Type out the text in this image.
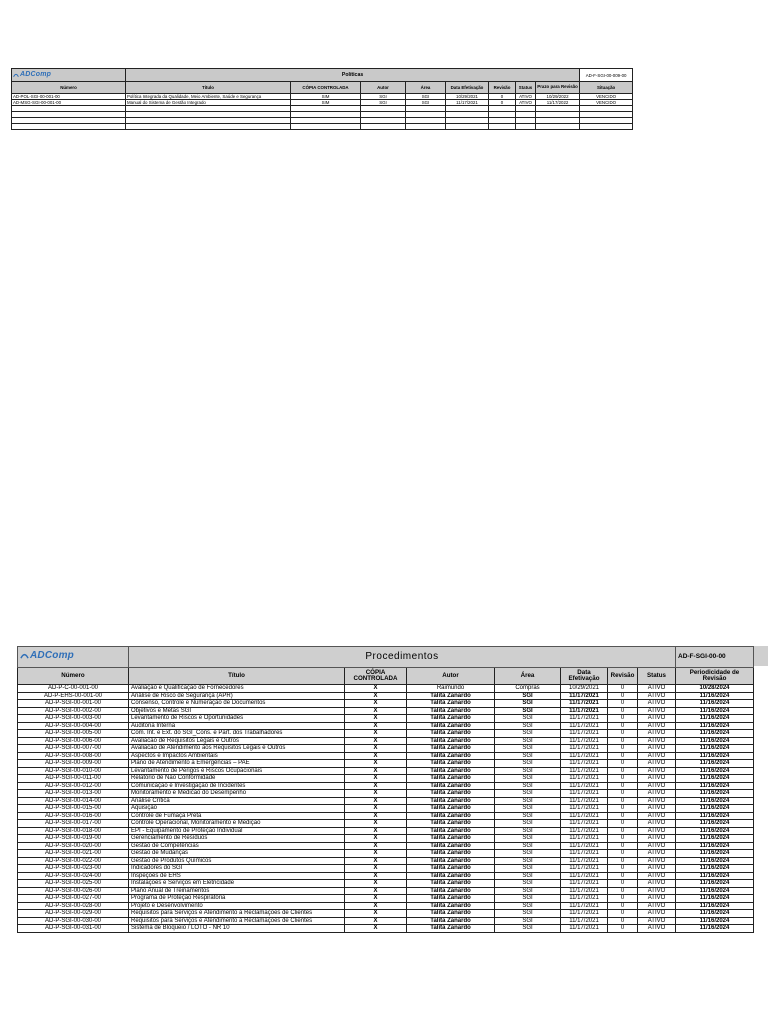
ADComp	Políticas								AD-F-SGI-00-009-00
Número	Título	CÓPIA CONTROLADA	Autor	Área	Data Efetivação	Revisão	Status	Prazo para Revisão	Situação
AD-POL-SGI-00-001-00	Política Integrada da Qualidade, Meio Ambiente, Saúde e Segurança	SIM	SGI	SGI	10/29/2021	0	ATIVO	10/29/2022	VENCIDO
AD-MSG-SGI-00-001-00	Manual do Sistema de Gestão Integrado	SIM	SGI	SGI	11/17/2021	0	ATIVO	11/17/2022	VENCIDO

ADComp	Procedimentos							AD-F-SGI-00-00
Número	Título	CÓPIA CONTROLADA	Autor	Área	Data Efetivação	Revisão	Status	Periodicidade de Revisão
AD-P-C-00-001-00	Avaliação e Qualificação de Fornecedores	X	Raimundo	Compras	10/29/2021	0	ATIVO	10/28/2024
AD-P-EHS-00-001-00	Análise de Risco de Segurança (APR)	X	Talita Zanardo	SGI	11/17/2021	0	ATIVO	11/16/2024
AD-P-SGI-00-001-00	Consenso, Controle e Numeração de Documentos	X	Talita Zanardo	SGI	11/17/2021	0	ATIVO	11/16/2024
AD-P-SGI-00-002-00	Objetivos e Metas SGI	X	Talita Zanardo	SGI	11/17/2021	0	ATIVO	11/16/2024
AD-P-SGI-00-003-00	Levantamento de Riscos e Oportunidades	X	Talita Zanardo	SGI	11/17/2021	0	ATIVO	11/16/2024
AD-P-SGI-00-004-00	Auditoria Interna	X	Talita Zanardo	SGI	11/17/2021	0	ATIVO	11/16/2024
AD-P-SGI-00-005-00	Com. Int. e Ext. do SGI_Cons. e Part. dos Trabalhadores	X	Talita Zanardo	SGI	11/17/2021	0	ATIVO	11/16/2024
AD-P-SGI-00-006-00	Avaliacao de Requisitos Legais e Outros	X	Talita Zanardo	SGI	11/17/2021	0	ATIVO	11/16/2024
AD-P-SGI-00-007-00	Avaliacao de Atendimento aos Requisitos Legais e Outros	X	Talita Zanardo	SGI	11/17/2021	0	ATIVO	11/16/2024
AD-P-SGI-00-008-00	Aspectos e Impactos Ambientais	X	Talita Zanardo	SGI	11/17/2021	0	ATIVO	11/16/2024
AD-P-SGI-00-009-00	Plano de Atendimento a Emergências – PAE	X	Talita Zanardo	SGI	11/17/2021	0	ATIVO	11/16/2024
AD-P-SGI-00-010-00	Levantamento de Perigos e Riscos Ocupacionais	X	Talita Zanardo	SGI	11/17/2021	0	ATIVO	11/16/2024
AD-P-SGI-00-011-00	Relatório de Não Conformidade	X	Talita Zanardo	SGI	11/17/2021	0	ATIVO	11/16/2024
AD-P-SGI-00-012-00	Comunicação e Investigação de Incidentes	X	Talita Zanardo	SGI	11/17/2021	0	ATIVO	11/16/2024
AD-P-SGI-00-013-00	Monitoramento e Medicao do Desempenho	X	Talita Zanardo	SGI	11/17/2021	0	ATIVO	11/16/2024
AD-P-SGI-00-014-00	Análise Crítica	X	Talita Zanardo	SGI	11/17/2021	0	ATIVO	11/16/2024
AD-P-SGI-00-015-00	Aquisição	X	Talita Zanardo	SGI	11/17/2021	0	ATIVO	11/16/2024
AD-P-SGI-00-016-00	Controle de Fumaça Preta	X	Talita Zanardo	SGI	11/17/2021	0	ATIVO	11/16/2024
AD-P-SGI-00-017-00	Controle Operacional, Monitoramento e Medição	X	Talita Zanardo	SGI	11/17/2021	0	ATIVO	11/16/2024
AD-P-SGI-00-018-00	EPI - Equipamento de Proteção Individual	X	Talita Zanardo	SGI	11/17/2021	0	ATIVO	11/16/2024
AD-P-SGI-00-019-00	Gerenciamento de Resíduos	X	Talita Zanardo	SGI	11/17/2021	0	ATIVO	11/16/2024
AD-P-SGI-00-020-00	Gestão de Competências	X	Talita Zanardo	SGI	11/17/2021	0	ATIVO	11/16/2024
AD-P-SGI-00-021-00	Gestão de Mudanças	X	Talita Zanardo	SGI	11/17/2021	0	ATIVO	11/16/2024
AD-P-SGI-00-022-00	Gestão de Produtos Químicos	X	Talita Zanardo	SGI	11/17/2021	0	ATIVO	11/16/2024
AD-P-SGI-00-023-00	Indicadores do SGI	X	Talita Zanardo	SGI	11/17/2021	0	ATIVO	11/16/2024
AD-P-SGI-00-024-00	Inspeções de EHS	X	Talita Zanardo	SGI	11/17/2021	0	ATIVO	11/16/2024
AD-P-SGI-00-025-00	Instalações e Serviços em Eletricidade	X	Talita Zanardo	SGI	11/17/2021	0	ATIVO	11/16/2024
AD-P-SGI-00-026-00	Plano Anual de Treinamentos	X	Talita Zanardo	SGI	11/17/2021	0	ATIVO	11/16/2024
AD-P-SGI-00-027-00	Programa de Proteção Respiratória	X	Talita Zanardo	SGI	11/17/2021	0	ATIVO	11/16/2024
AD-P-SGI-00-028-00	Projeto e Desenvolvimento	X	Talita Zanardo	SGI	11/17/2021	0	ATIVO	11/16/2024
AD-P-SGI-00-029-00	Requisitos para Serviços e Atendimento a Reclamações de Clientes	X	Talita Zanardo	SGI	11/17/2021	0	ATIVO	11/16/2024
AD-P-SGI-00-030-00	Requisitos para Serviços e Atendimento a Reclamações de Clientes	X	Talita Zanardo	SGI	11/17/2021	0	ATIVO	11/16/2024
AD-P-SGI-00-031-00	Sistema de Bloqueio / LOTO - NR 10	X	Talita Zanardo	SGI	11/17/2021	0	ATIVO	11/16/2024
